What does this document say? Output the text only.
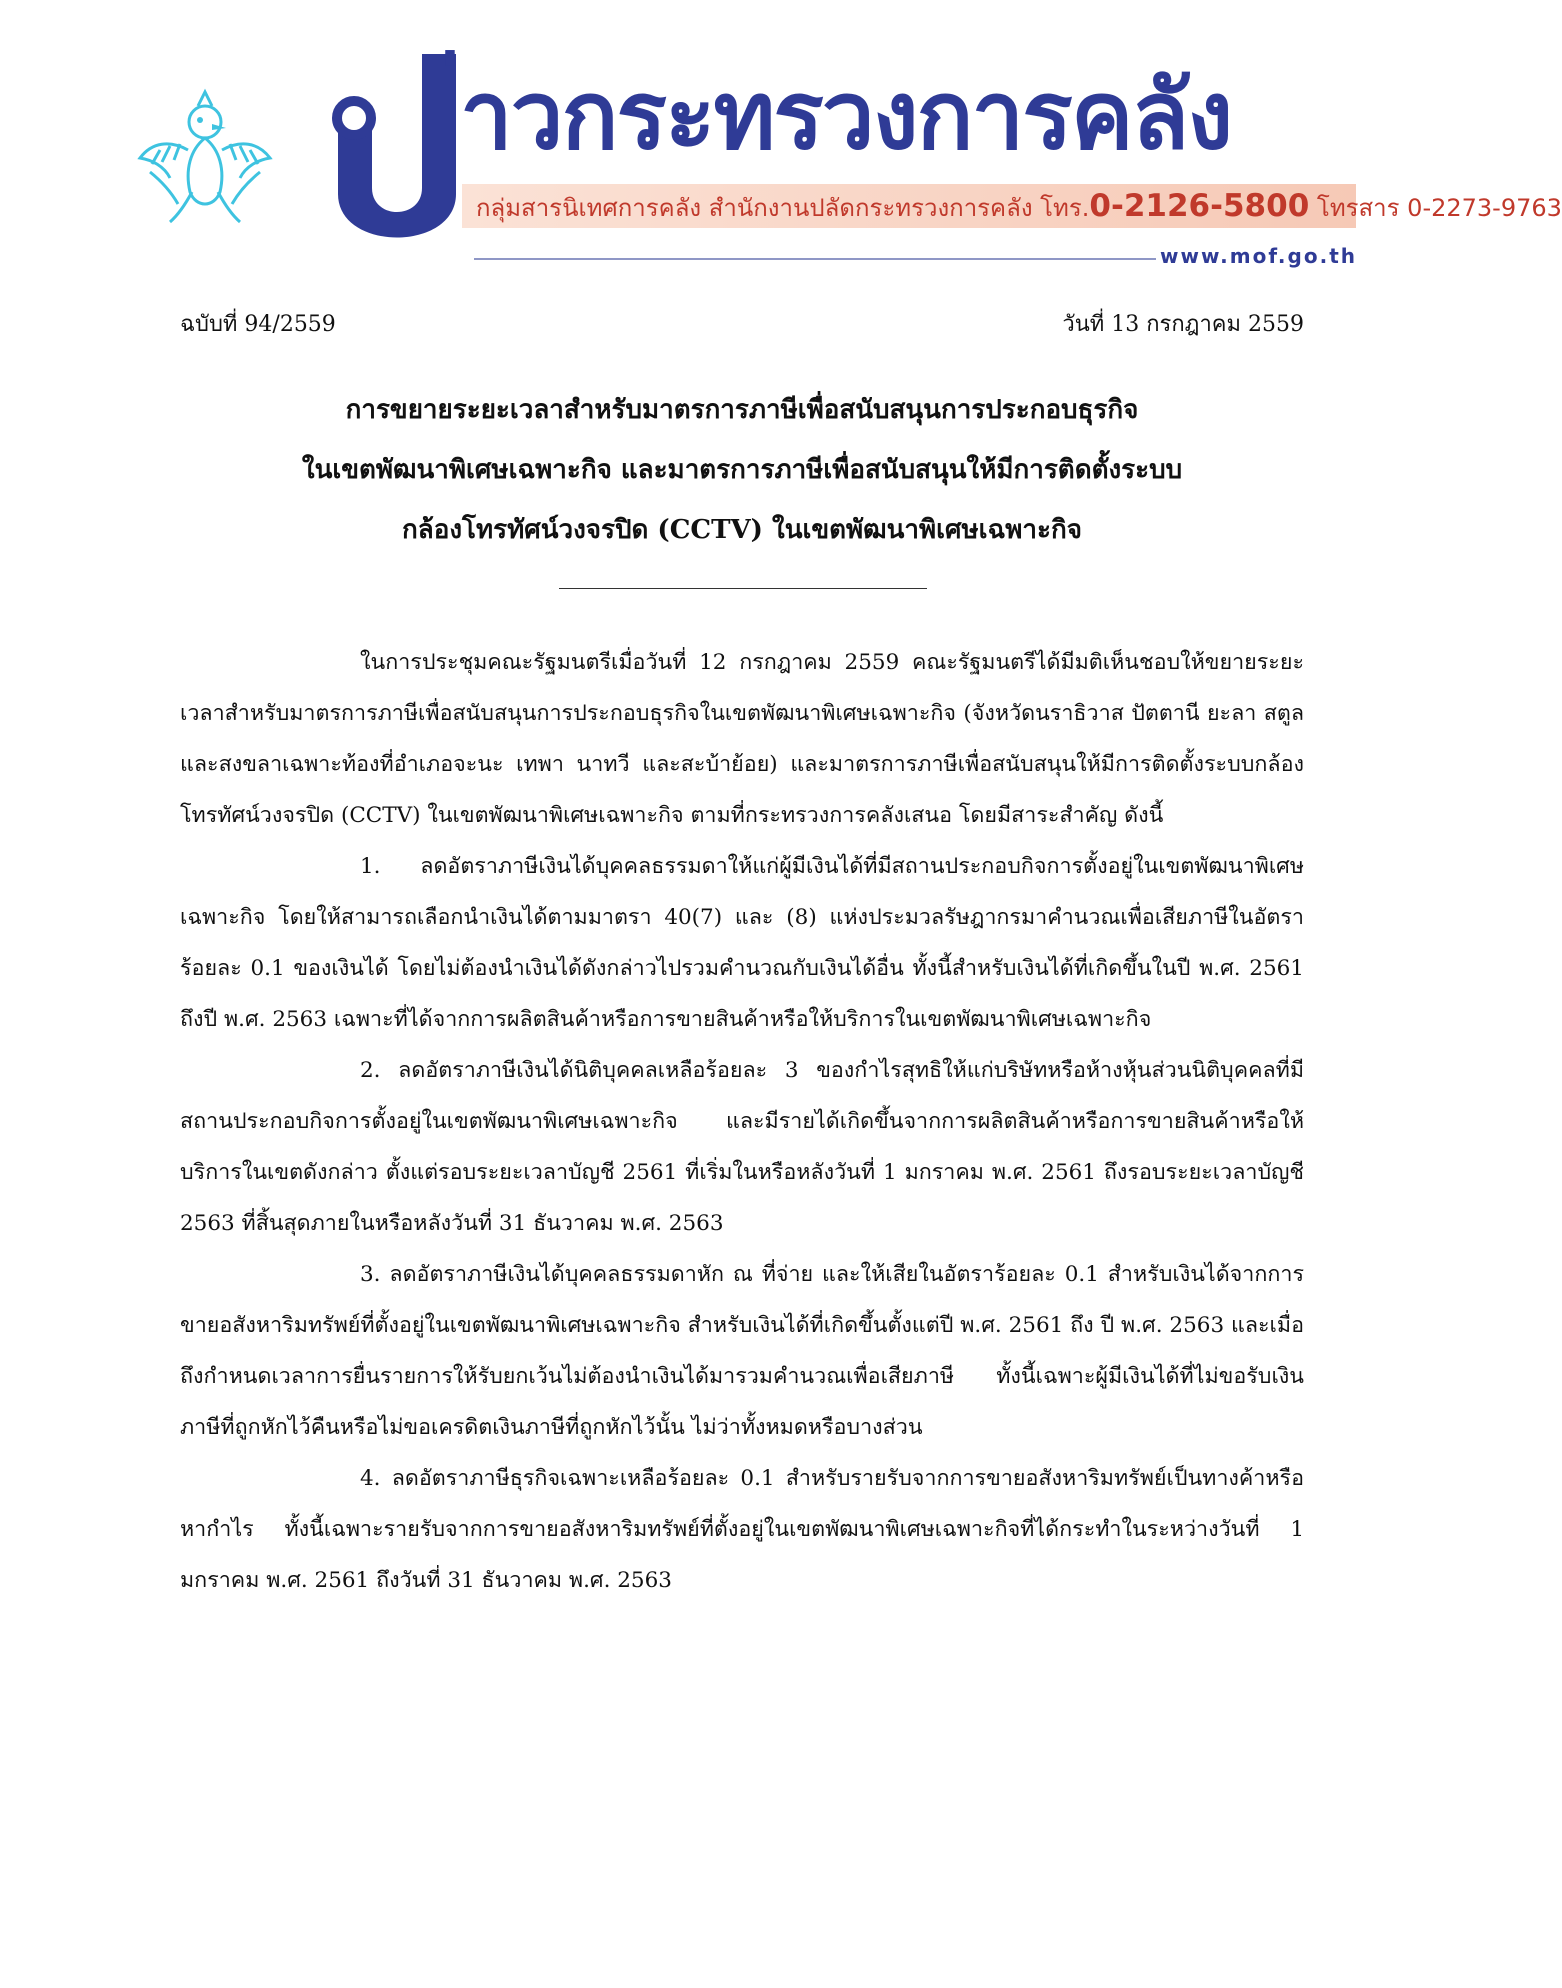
่าวกระทรวงการคลัง
กลุ่มสารนิเทศการคลัง สำนักงานปลัดกระทรวงการคลัง โทร.0-2126-5800 โทรสาร 0-2273-9763
www.mof.go.th
ฉบับที่ 94/2559	วันที่ 13 กรกฎาคม 2559
การขยายระยะเวลาสำหรับมาตรการภาษีเพื่อสนับสนุนการประกอบธุรกิจ
ในเขตพัฒนาพิเศษเฉพาะกิจ และมาตรการภาษีเพื่อสนับสนุนให้มีการติดตั้งระบบ
กล้องโทรทัศน์วงจรปิด (CCTV) ในเขตพัฒนาพิเศษเฉพาะกิจ

ในการประชุมคณะรัฐมนตรีเมื่อวันที่ 12 กรกฎาคม 2559 คณะรัฐมนตรีได้มีมติเห็นชอบให้ขยายระยะเวลาสำหรับมาตรการภาษีเพื่อสนับสนุนการประกอบธุรกิจในเขตพัฒนาพิเศษเฉพาะกิจ (จังหวัดนราธิวาส ปัตตานี ยะลา สตูล และสงขลาเฉพาะท้องที่อำเภอจะนะ เทพา นาทวี และสะบ้าย้อย) และมาตรการภาษีเพื่อสนับสนุนให้มีการติดตั้งระบบกล้องโทรทัศน์วงจรปิด (CCTV) ในเขตพัฒนาพิเศษเฉพาะกิจ ตามที่กระทรวงการคลังเสนอ โดยมีสาระสำคัญ ดังนี้

1. ลดอัตราภาษีเงินได้บุคคลธรรมดาให้แก่ผู้มีเงินได้ที่มีสถานประกอบกิจการตั้งอยู่ในเขตพัฒนาพิเศษเฉพาะกิจ โดยให้สามารถเลือกนำเงินได้ตามมาตรา 40(7) และ (8) แห่งประมวลรัษฎากรมาคำนวณเพื่อเสียภาษีในอัตราร้อยละ 0.1 ของเงินได้ โดยไม่ต้องนำเงินได้ดังกล่าวไปรวมคำนวณกับเงินได้อื่น ทั้งนี้สำหรับเงินได้ที่เกิดขึ้นในปี พ.ศ. 2561 ถึงปี พ.ศ. 2563 เฉพาะที่ได้จากการผลิตสินค้าหรือการขายสินค้าหรือให้บริการในเขตพัฒนาพิเศษเฉพาะกิจ

2. ลดอัตราภาษีเงินได้นิติบุคคลเหลือร้อยละ 3 ของกำไรสุทธิให้แก่บริษัทหรือห้างหุ้นส่วนนิติบุคคลที่มีสถานประกอบกิจการตั้งอยู่ในเขตพัฒนาพิเศษเฉพาะกิจ และมีรายได้เกิดขึ้นจากการผลิตสินค้าหรือการขายสินค้าหรือให้บริการในเขตดังกล่าว ตั้งแต่รอบระยะเวลาบัญชี 2561 ที่เริ่มในหรือหลังวันที่ 1 มกราคม พ.ศ. 2561 ถึงรอบระยะเวลาบัญชี 2563 ที่สิ้นสุดภายในหรือหลังวันที่ 31 ธันวาคม พ.ศ. 2563

3. ลดอัตราภาษีเงินได้บุคคลธรรมดาหัก ณ ที่จ่าย และให้เสียในอัตราร้อยละ 0.1 สำหรับเงินได้จากการขายอสังหาริมทรัพย์ที่ตั้งอยู่ในเขตพัฒนาพิเศษเฉพาะกิจ สำหรับเงินได้ที่เกิดขึ้นตั้งแต่ปี พ.ศ. 2561 ถึง ปี พ.ศ. 2563 และเมื่อถึงกำหนดเวลาการยื่นรายการให้รับยกเว้นไม่ต้องนำเงินได้มารวมคำนวณเพื่อเสียภาษี ทั้งนี้เฉพาะผู้มีเงินได้ที่ไม่ขอรับเงินภาษีที่ถูกหักไว้คืนหรือไม่ขอเครดิตเงินภาษีที่ถูกหักไว้นั้น ไม่ว่าทั้งหมดหรือบางส่วน

4. ลดอัตราภาษีธุรกิจเฉพาะเหลือร้อยละ 0.1 สำหรับรายรับจากการขายอสังหาริมทรัพย์เป็นทางค้าหรือหากำไร ทั้งนี้เฉพาะรายรับจากการขายอสังหาริมทรัพย์ที่ตั้งอยู่ในเขตพัฒนาพิเศษเฉพาะกิจที่ได้กระทำในระหว่างวันที่ 1 มกราคม พ.ศ. 2561 ถึงวันที่ 31 ธันวาคม พ.ศ. 2563
